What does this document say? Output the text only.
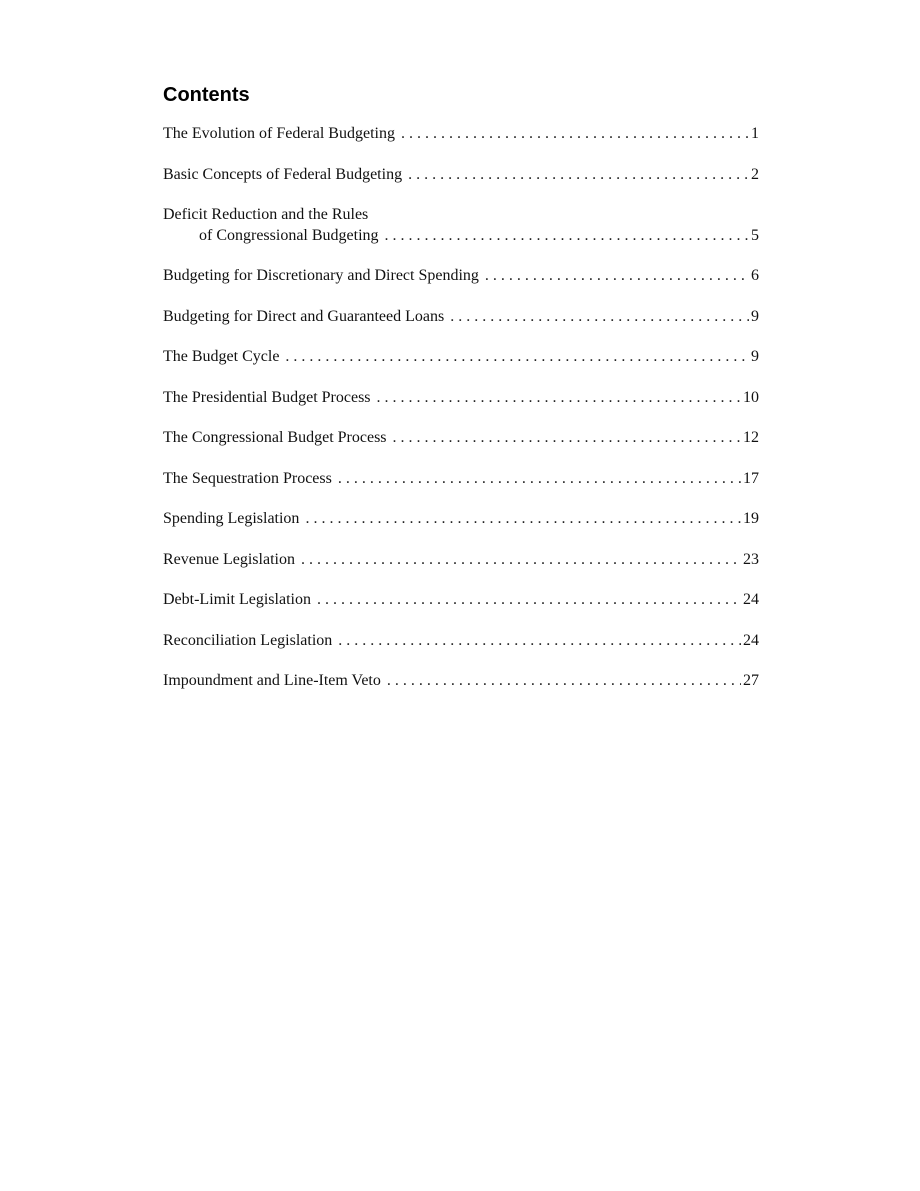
Contents
The Evolution of Federal Budgeting . . .	1
Basic Concepts of Federal Budgeting . . .	2
Deficit Reduction and the Rules
of Congressional Budgeting . . .	5
Budgeting for Discretionary and Direct Spending . . .	6
Budgeting for Direct and Guaranteed Loans . . .	9
The Budget Cycle . . .	9
The Presidential Budget Process . . .	10
The Congressional Budget Process . . .	12
The Sequestration Process . . .	17
Spending Legislation . . .	19
Revenue Legislation . . .	23
Debt-Limit Legislation . . .	24
Reconciliation Legislation . . .	24
Impoundment and Line-Item Veto . . .	27
